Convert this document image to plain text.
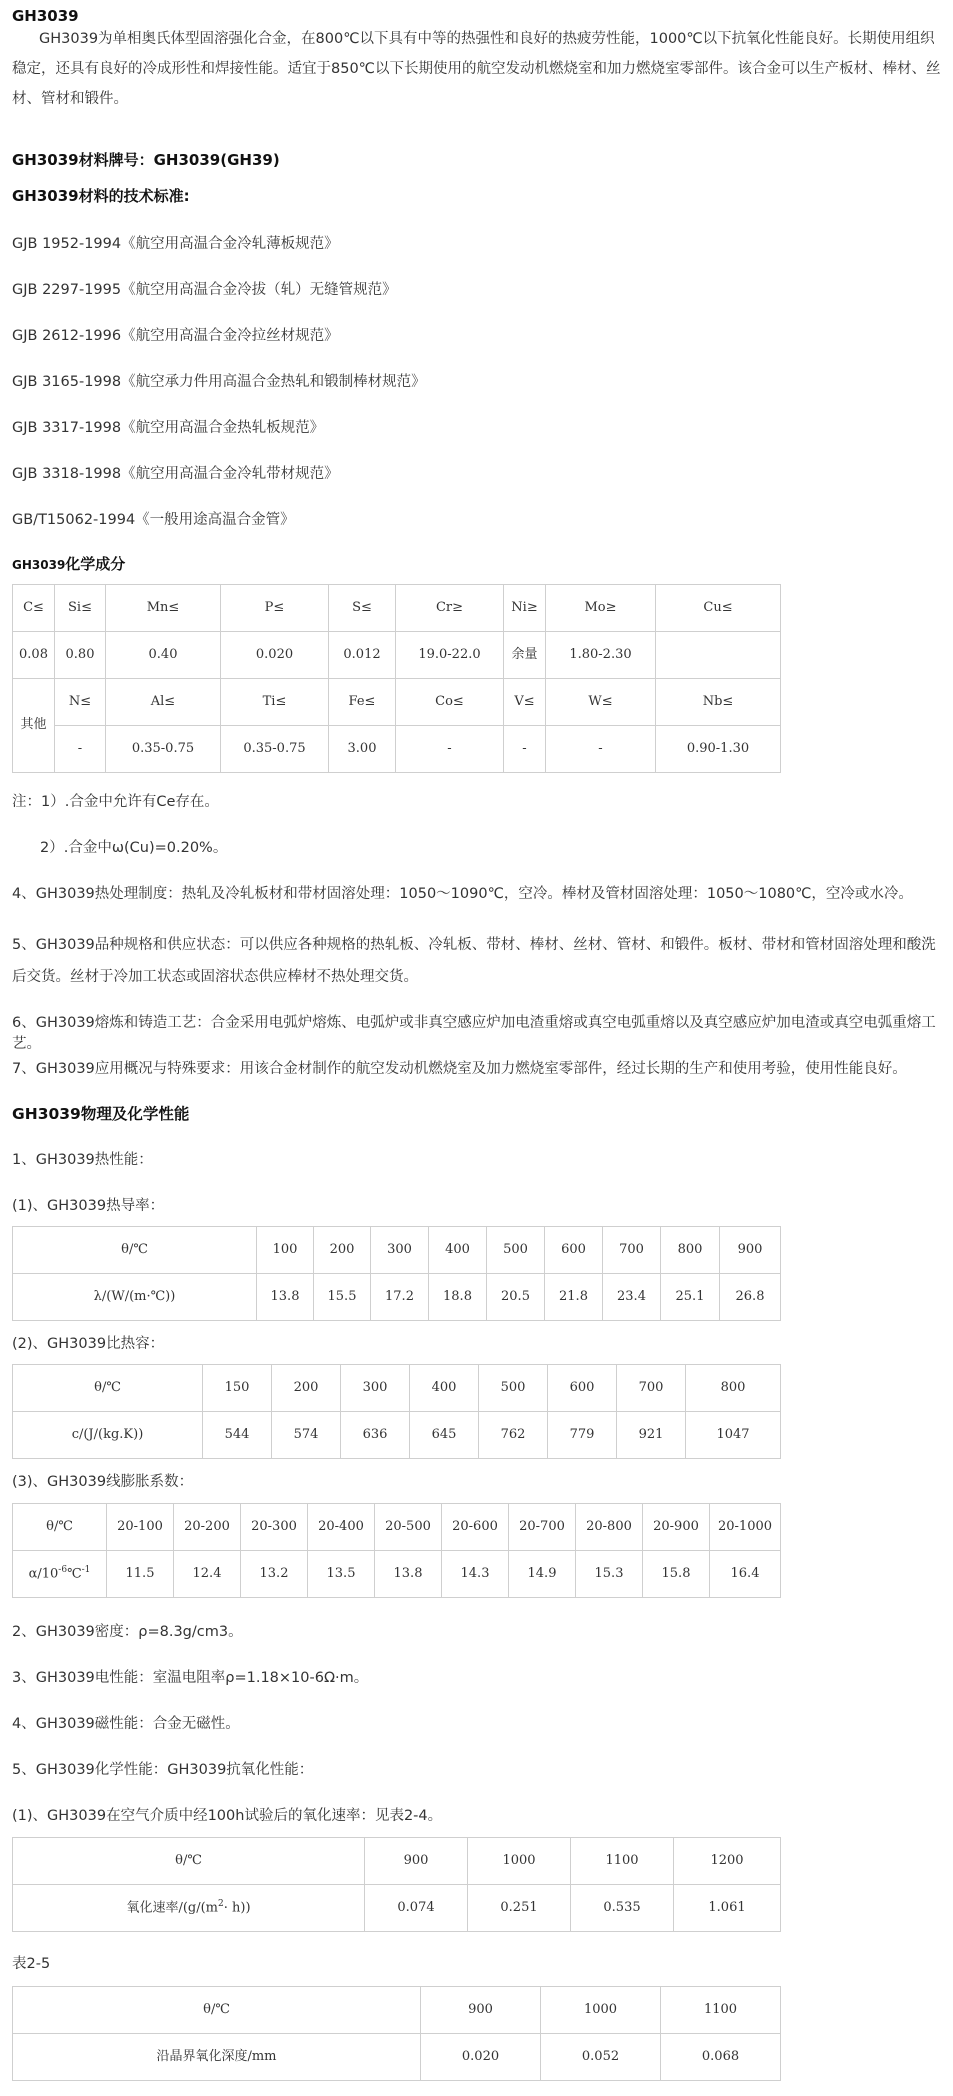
GH3039
GH3039为单相奥氏体型固溶强化合金，在800℃以下具有中等的热强性和良好的热疲劳性能，1000℃以下抗氧化性能良好。长期使用组织稳定，还具有良好的冷成形性和焊接性能。适宜于850℃以下长期使用的航空发动机燃烧室和加力燃烧室零部件。该合金可以生产板材、棒材、丝材、管材和锻件。
GH3039材料牌号：GH3039(GH39)
GH3039材料的技术标准:
GJB 1952-1994《航空用高温合金冷轧薄板规范》
GJB 2297-1995《航空用高温合金冷拔（轧）无缝管规范》
GJB 2612-1996《航空用高温合金冷拉丝材规范》
GJB 3165-1998《航空承力件用高温合金热轧和锻制棒材规范》
GJB 3317-1998《航空用高温合金热轧板规范》
GJB 3318-1998《航空用高温合金冷轧带材规范》
GB/T15062-1994《一般用途高温合金管》
GH3039化学成分
C≤	Si≤	Mn≤	P≤	S≤	Cr≥	Ni≥	Mo≥	Cu≤
0.08	0.80	0.40	0.020	0.012	19.0-22.0	余量	1.80-2.30	
其他	N≤	Al≤	Ti≤	Fe≤	Co≤	V≤	W≤	Nb≤
	-	0.35-0.75	0.35-0.75	3.00	-	-	-	0.90-1.30
注：1）.合金中允许有Ce存在。
2）.合金中ω(Cu)=0.20%。
4、GH3039热处理制度：热轧及冷轧板材和带材固溶处理：1050～1090℃，空冷。棒材及管材固溶处理：1050～1080℃，空冷或水冷。
5、GH3039品种规格和供应状态：可以供应各种规格的热轧板、冷轧板、带材、棒材、丝材、管材、和锻件。板材、带材和管材固溶处理和酸洗后交货。丝材于冷加工状态或固溶状态供应棒材不热处理交货。
6、GH3039熔炼和铸造工艺：合金采用电弧炉熔炼、电弧炉或非真空感应炉加电渣重熔或真空电弧重熔以及真空感应炉加电渣或真空电弧重熔工艺。
7、GH3039应用概况与特殊要求：用该合金材制作的航空发动机燃烧室及加力燃烧室零部件，经过长期的生产和使用考验，使用性能良好。
GH3039物理及化学性能
1、GH3039热性能：
(1)、GH3039热导率：
θ/℃	100	200	300	400	500	600	700	800	900
λ/(W/(m·℃))	13.8	15.5	17.2	18.8	20.5	21.8	23.4	25.1	26.8
(2)、GH3039比热容：
θ/℃	150	200	300	400	500	600	700	800
c/(J/(kg.K))	544	574	636	645	762	779	921	1047
(3)、GH3039线膨胀系数：
θ/℃	20-100	20-200	20-300	20-400	20-500	20-600	20-700	20-800	20-900	20-1000
$\alpha/10^{-6}℃^{-1}$	11.5	12.4	13.2	13.5	13.8	14.3	14.9	15.3	15.8	16.4
2、GH3039密度：ρ=8.3g/cm3。
3、GH3039电性能：室温电阻率ρ=1.18×10-6Ω·m。
4、GH3039磁性能：合金无磁性。
5、GH3039化学性能：GH3039抗氧化性能：
(1)、GH3039在空气介质中经100h试验后的氧化速率：见表2-4。
θ/℃	900	1000	1100	1200
氧化速率$/(g/(m^2\cdot h))$	0.074	0.251	0.535	1.061
表2-5
θ/℃	900	1000	1100
沿晶界氧化深度/mm	0.020	0.052	0.068
